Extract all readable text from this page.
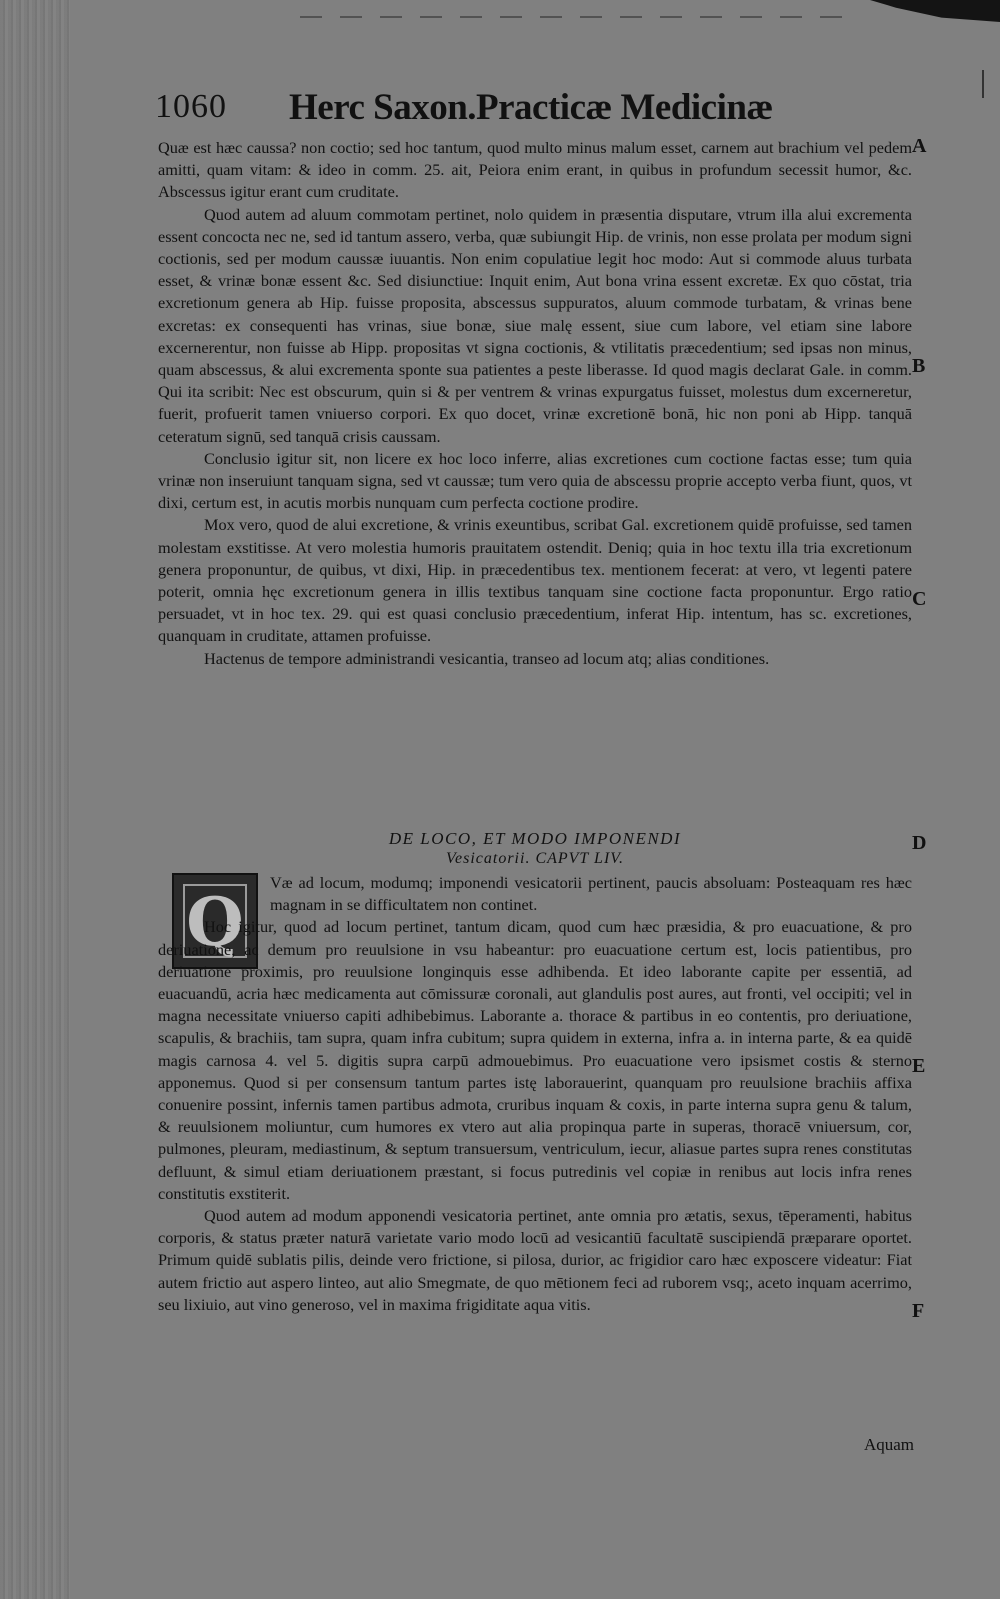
1060 Herc Saxon.Practicæ Medicinæ

Quæ est hæc caussa? non coctio; sed hoc tantum, quod multo minus malum esset, carnem aut brachium vel pedem amitti, quam vitam: & ideo in comm. 25. ait, Peiora enim erant, in quibus in profundum secessit humor, &c. Abscessus igitur erant cum cruditate.

Quod autem ad aluum commotam pertinet, nolo quidem in præsentia disputare, vtrum illa alui excrementa essent concocta nec ne, sed id tantum assero, verba, quæ subiungit Hip. de vrinis, non esse prolata per modum signi coctionis, sed per modum caussæ iuuantis. Non enim copulatiue legit hoc modo: Aut si commode aluus turbata esset, & vrinæ bonæ essent &c. Sed disiunctiue: Inquit enim, Aut bona vrina essent excretæ. Ex quo cōstat, tria excretionum genera ab Hip. fuisse proposita, abscessus suppuratos, aluum commode turbatam, & vrinas bene excretas: ex consequenti has vrinas, siue bonæ, siue malę essent, siue cum labore, vel etiam sine labore excernerentur, non fuisse ab Hipp. propositas vt signa coctionis, & vtilitatis præcedentium; sed ipsas non minus, quam abscessus, & alui excrementa sponte sua patientes a peste liberasse. Id quod magis declarat Gale. in comm. Qui ita scribit: Nec est obscurum, quin si & per ventrem & vrinas expurgatus fuisset, molestus dum excerneretur, fuerit, profuerit tamen vniuerso corpori. Ex quo docet, vrinæ excretionē bonā, hic non poni ab Hipp. tanquā ceteratum signū, sed tanquā crisis caussam.

Conclusio igitur sit, non licere ex hoc loco inferre, alias excretiones cum coctione factas esse; tum quia vrinæ non inseruiunt tanquam signa, sed vt caussæ; tum vero quia de abscessu proprie accepto verba fiunt, quos, vt dixi, certum est, in acutis morbis nunquam cum perfecta coctione prodire.

Mox vero, quod de alui excretione, & vrinis exeuntibus, scribat Gal. excretionem quidē profuisse, sed tamen molestam exstitisse. At vero molestia humoris prauitatem ostendit. Deniq; quia in hoc textu illa tria excretionum genera proponuntur, de quibus, vt dixi, Hip. in præcedentibus tex. mentionem fecerat: at vero, vt legenti patere poterit, omnia hęc excretionum genera in illis textibus tanquam sine coctione facta proponuntur. Ergo ratio persuadet, vt in hoc tex. 29. qui est quasi conclusio præcedentium, inferat Hip. intentum, has sc. excretiones, quanquam in cruditate, attamen profuisse.

Hactenus de tempore administrandi vesicantia, transeo ad locum atq; alias conditiones.

DE LOCO, ET MODO IMPONENDI
Vesicatorii. CAPVT LIV.
Q

Væ ad locum, modumq; imponendi vesicatorii pertinent, paucis absoluam: Posteaquam res hæc magnam in se difficultatem non continet.

Hoc igitur, quod ad locum pertinet, tantum dicam, quod cum hæc præsidia, & pro euacuatione, & pro deriuatione, ac demum pro reuulsione in vsu habeantur: pro euacuatione certum est, locis patientibus, pro deriuatione proximis, pro reuulsione longinquis esse adhibenda. Et ideo laborante capite per essentiā, ad euacuandū, acria hæc medicamenta aut cōmissuræ coronali, aut glandulis post aures, aut fronti, vel occipiti; vel in magna necessitate vniuerso capiti adhibebimus. Laborante a. thorace & partibus in eo contentis, pro deriuatione, scapulis, & brachiis, tam supra, quam infra cubitum; supra quidem in externa, infra a. in interna parte, & ea quidē magis carnosa 4. vel 5. digitis supra carpū admouebimus. Pro euacuatione vero ipsismet costis & sterno apponemus. Quod si per consensum tantum partes istę laborauerint, quanquam pro reuulsione brachiis affixa conuenire possint, infernis tamen partibus admota, cruribus inquam & coxis, in parte interna supra genu & talum, & reuulsionem moliuntur, cum humores ex vtero aut alia propinqua parte in superas, thoracē vniuersum, cor, pulmones, pleuram, mediastinum, & septum transuersum, ventriculum, iecur, aliasue partes supra renes constitutas defluunt, & simul etiam deriuationem præstant, si focus putredinis vel copiæ in renibus aut locis infra renes constitutis exstiterit.

Quod autem ad modum apponendi vesicatoria pertinet, ante omnia pro ætatis, sexus, tēperamenti, habitus corporis, & status præter naturā varietate vario modo locū ad vesicantiū facultatē suscipiendā præparare oportet. Primum quidē sublatis pilis, deinde vero frictione, si pilosa, durior, ac frigidior caro hæc exposcere videatur: Fiat autem frictio aut aspero linteo, aut alio Smegmate, de quo mētionem feci ad ruborem vsq;, aceto inquam acerrimo, seu lixiuio, aut vino generoso, vel in maxima frigiditate aqua vitis.

A
B
C
D
E
F
Aquam
